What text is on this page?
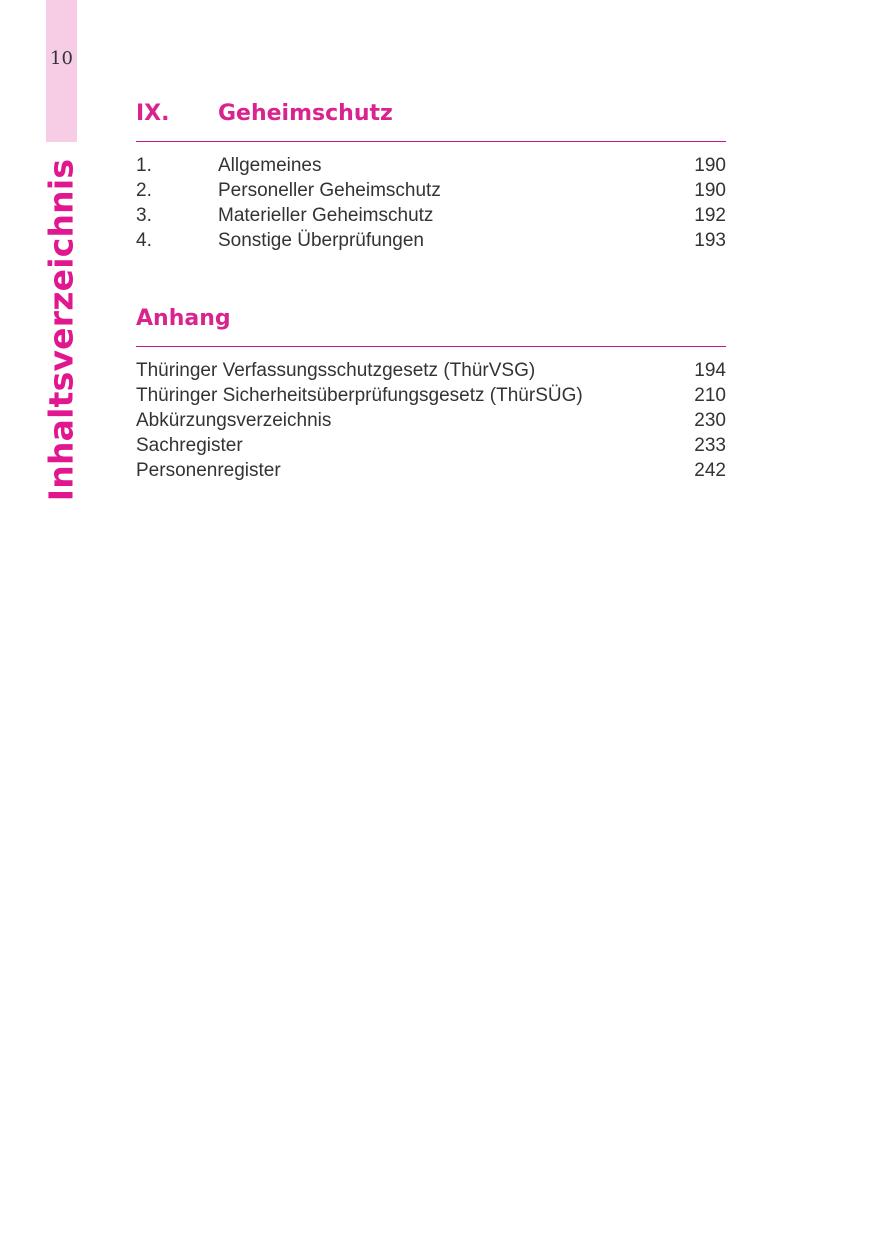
10
Inhaltsverzeichnis
IX. Geheimschutz
1.	Allgemeines	190
2.	Personeller Geheimschutz	190
3.	Materieller Geheimschutz	192
4.	Sonstige Überprüfungen	193
Anhang
Thüringer Verfassungsschutzgesetz (ThürVSG)	194
Thüringer Sicherheitsüberprüfungsgesetz (ThürSÜG)	210
Abkürzungsverzeichnis	230
Sachregister	233
Personenregister	242
